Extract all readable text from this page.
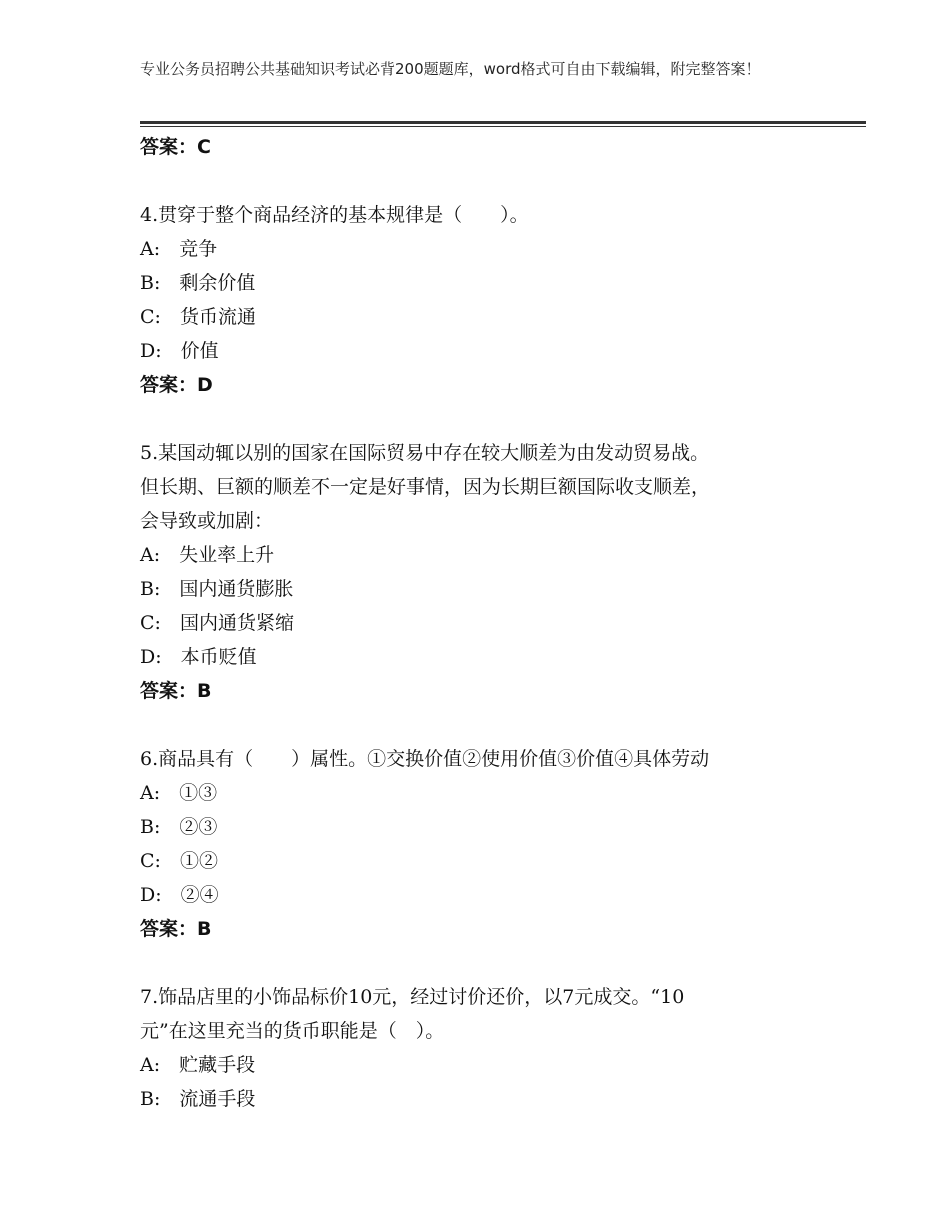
专业公务员招聘公共基础知识考试必背200题题库，word格式可自由下载编辑，附完整答案！

答案：C

4.贯穿于整个商品经济的基本规律是（　　）。

A:　竞争

B:　剩余价值

C:　货币流通

D:　价值

答案：D

5.某国动辄以别的国家在国际贸易中存在较大顺差为由发动贸易战。

但长期、巨额的顺差不一定是好事情，因为长期巨额国际收支顺差，

会导致或加剧：

A:　失业率上升

B:　国内通货膨胀

C:　国内通货紧缩

D:　本币贬值

答案：B

6.商品具有（　　）属性。①交换价值②使用价值③价值④具体劳动

A:　①③

B:　②③

C:　①②

D:　②④

答案：B

7.饰品店里的小饰品标价10元，经过讨价还价，以7元成交。“10

元”在这里充当的货币职能是（　）。

A:　贮藏手段

B:　流通手段
